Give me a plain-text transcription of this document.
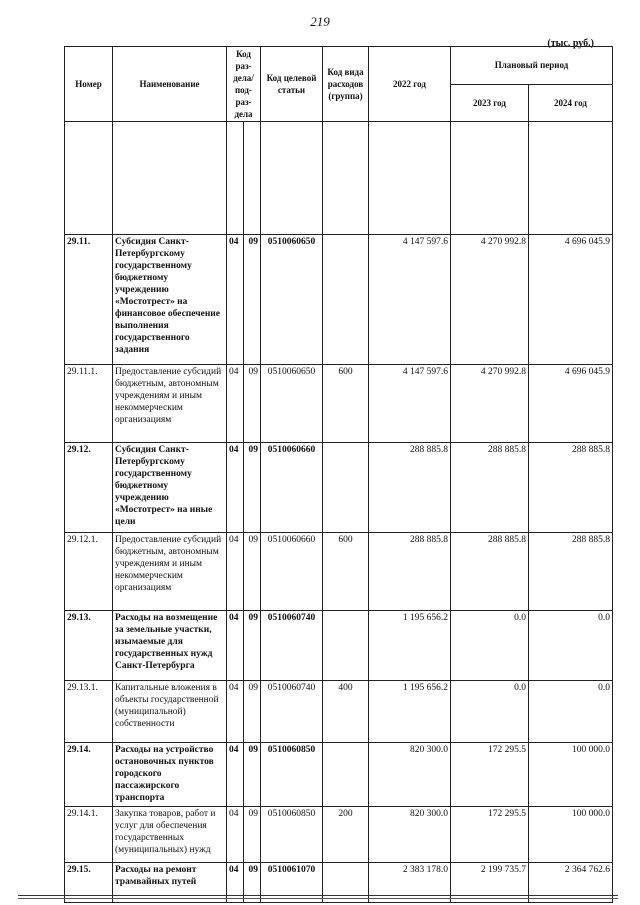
219
(тыс. руб.)
Номер	Наименование	Код раз-дела/ под-раз-дела		Код целевой статьи	Код вида расходов (группа)	2022 год	Плановый период	
							2023 год	2024 год

29.11.	Субсидия Санкт-Петербургскому государственному бюджетному учреждению «Мостотрест» на финансовое обеспечение выполнения государственного задания	04	09	0510060650		4 147 597.6	4 270 992.8	4 696 045.9
29.11.1.	Предоставление субсидий бюджетным, автономным учреждениям и иным некоммерческим организациям	04	09	0510060650	600	4 147 597.6	4 270 992.8	4 696 045.9
29.12.	Субсидия Санкт-Петербургскому государственному бюджетному учреждению «Мостотрест» на иные цели	04	09	0510060660		288 885.8	288 885.8	288 885.8
29.12.1.	Предоставление субсидий бюджетным, автономным учреждениям и иным некоммерческим организациям	04	09	0510060660	600	288 885.8	288 885.8	288 885.8
29.13.	Расходы на возмещение за земельные участки, изымаемые для государственных нужд Санкт-Петербурга	04	09	0510060740		1 195 656.2	0.0	0.0
29.13.1.	Капитальные вложения в объекты государственной (муниципальной) собственности	04	09	0510060740	400	1 195 656.2	0.0	0.0
29.14.	Расходы на устройство остановочных пунктов городского пассажирского транспорта	04	09	0510060850		820 300.0	172 295.5	100 000.0
29.14.1.	Закупка товаров, работ и услуг для обеспечения государственных (муниципальных) нужд	04	09	0510060850	200	820 300.0	172 295.5	100 000.0
29.15.	Расходы на ремонт трамвайных путей	04	09	0510061070		2 383 178.0	2 199 735.7	2 364 762.6
